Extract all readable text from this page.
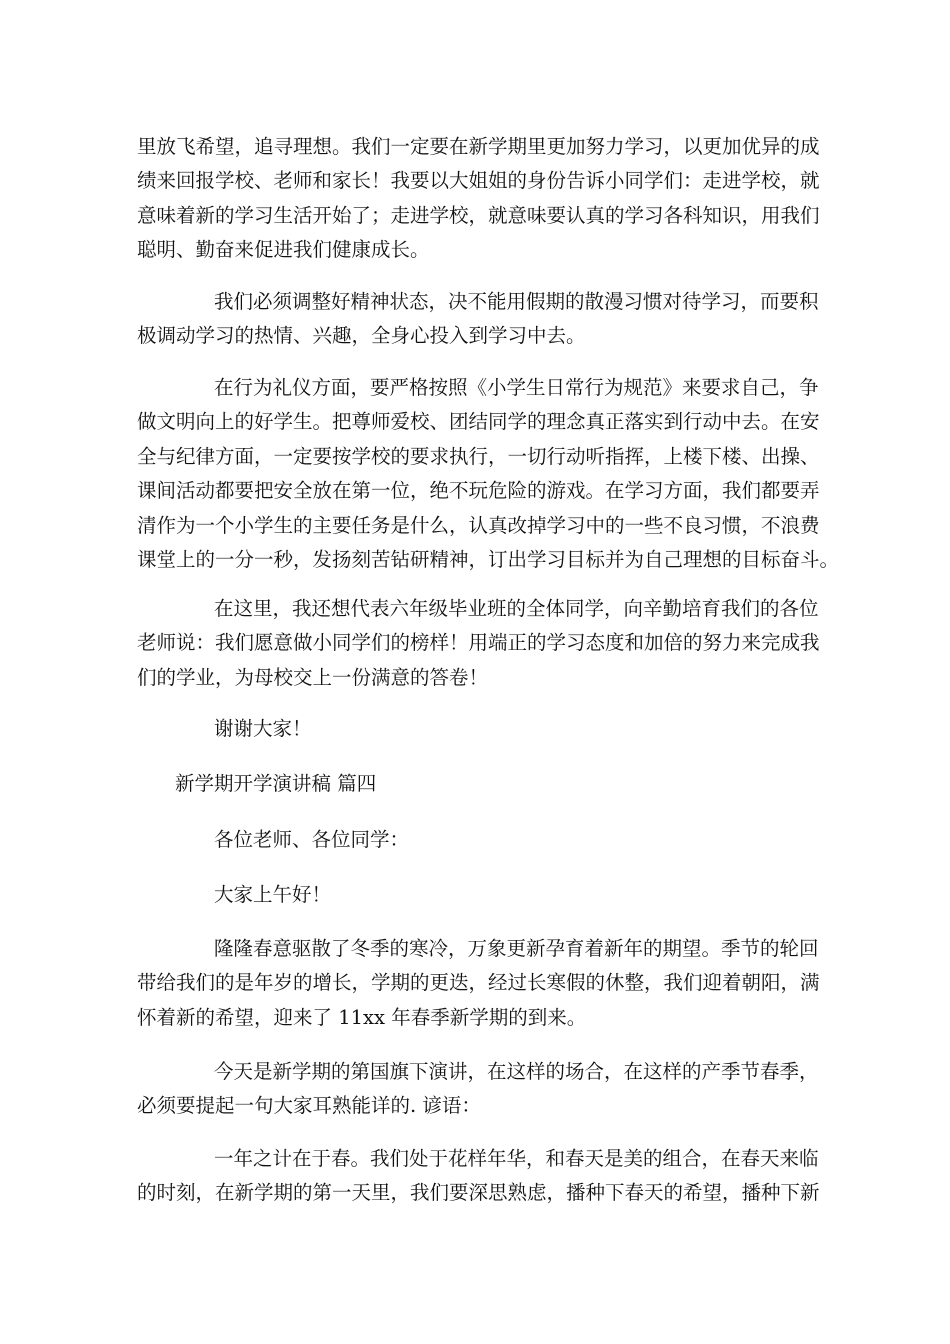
里放飞希望，追寻理想。我们一定要在新学期里更加努力学习，以更加优异的成
绩来回报学校、老师和家长！我要以大姐姐的身份告诉小同学们：走进学校，就
意味着新的学习生活开始了；走进学校，就意味要认真的学习各科知识，用我们
聪明、勤奋来促进我们健康成长。
我们必须调整好精神状态，决不能用假期的散漫习惯对待学习，而要积
极调动学习的热情、兴趣，全身心投入到学习中去。
在行为礼仪方面，要严格按照《小学生日常行为规范》来要求自己，争
做文明向上的好学生。把尊师爱校、团结同学的理念真正落实到行动中去。在安
全与纪律方面，一定要按学校的要求执行，一切行动听指挥，上楼下楼、出操、
课间活动都要把安全放在第一位，绝不玩危险的游戏。在学习方面，我们都要弄
清作为一个小学生的主要任务是什么，认真改掉学习中的一些不良习惯，不浪费
课堂上的一分一秒，发扬刻苦钻研精神，订出学习目标并为自己理想的目标奋斗。
在这里，我还想代表六年级毕业班的全体同学，向辛勤培育我们的各位
老师说：我们愿意做小同学们的榜样！用端正的学习态度和加倍的努力来完成我
们的学业，为母校交上一份满意的答卷！
谢谢大家！
新学期开学演讲稿 篇四
各位老师、各位同学：
大家上午好！
隆隆春意驱散了冬季的寒冷，万象更新孕育着新年的期望。季节的轮回
带给我们的是年岁的增长，学期的更迭，经过长寒假的休整，我们迎着朝阳，满
怀着新的希望，迎来了 11xx 年春季新学期的到来。
今天是新学期的第国旗下演讲，在这样的场合，在这样的产季节春季，
必须要提起一句大家耳熟能详的. 谚语：
一年之计在于春。我们处于花样年华，和春天是美的组合，在春天来临
的时刻，在新学期的第一天里，我们要深思熟虑，播种下春天的希望，播种下新
